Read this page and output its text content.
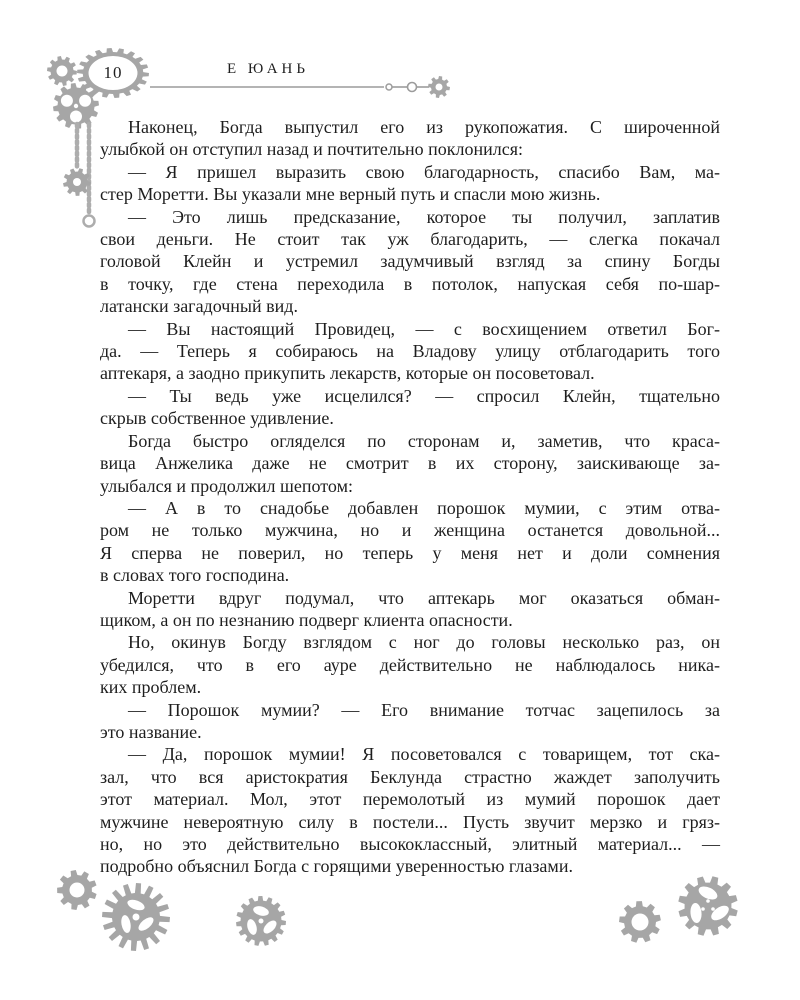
10	Е ЮАНЬ
Наконец, Богда выпустил его из рукопожатия. С широченной
улыбкой он отступил назад и почтительно поклонился:
— Я пришел выразить свою благодарность, спасибо Вам, ма-
стер Моретти. Вы указали мне верный путь и спасли мою жизнь.
— Это лишь предсказание, которое ты получил, заплатив
свои деньги. Не стоит так уж благодарить, — слегка покачал
головой Клейн и устремил задумчивый взгляд за спину Богды
в точку, где стена переходила в потолок, напуская себя по-шар-
латански загадочный вид.
— Вы настоящий Провидец, — с восхищением ответил Бог-
да. — Теперь я собираюсь на Владову улицу отблагодарить того
аптекаря, а заодно прикупить лекарств, которые он посоветовал.
— Ты ведь уже исцелился? — спросил Клейн, тщательно
скрыв собственное удивление.
Богда быстро огляделся по сторонам и, заметив, что краса-
вица Анжелика даже не смотрит в их сторону, заискивающе за-
улыбался и продолжил шепотом:
— А в то снадобье добавлен порошок мумии, с этим отва-
ром не только мужчина, но и женщина останется довольной...
Я сперва не поверил, но теперь у меня нет и доли сомнения
в словах того господина.
Моретти вдруг подумал, что аптекарь мог оказаться обман-
щиком, а он по незнанию подверг клиента опасности.
Но, окинув Богду взглядом с ног до головы несколько раз, он
убедился, что в его ауре действительно не наблюдалось ника-
ких проблем.
— Порошок мумии? — Его внимание тотчас зацепилось за
это название.
— Да, порошок мумии! Я посоветовался с товарищем, тот ска-
зал, что вся аристократия Беклунда страстно жаждет заполучить
этот материал. Мол, этот перемолотый из мумий порошок дает
мужчине невероятную силу в постели... Пусть звучит мерзко и гряз-
но, но это действительно высококлассный, элитный материал... —
подробно объяснил Богда с горящими уверенностью глазами.
